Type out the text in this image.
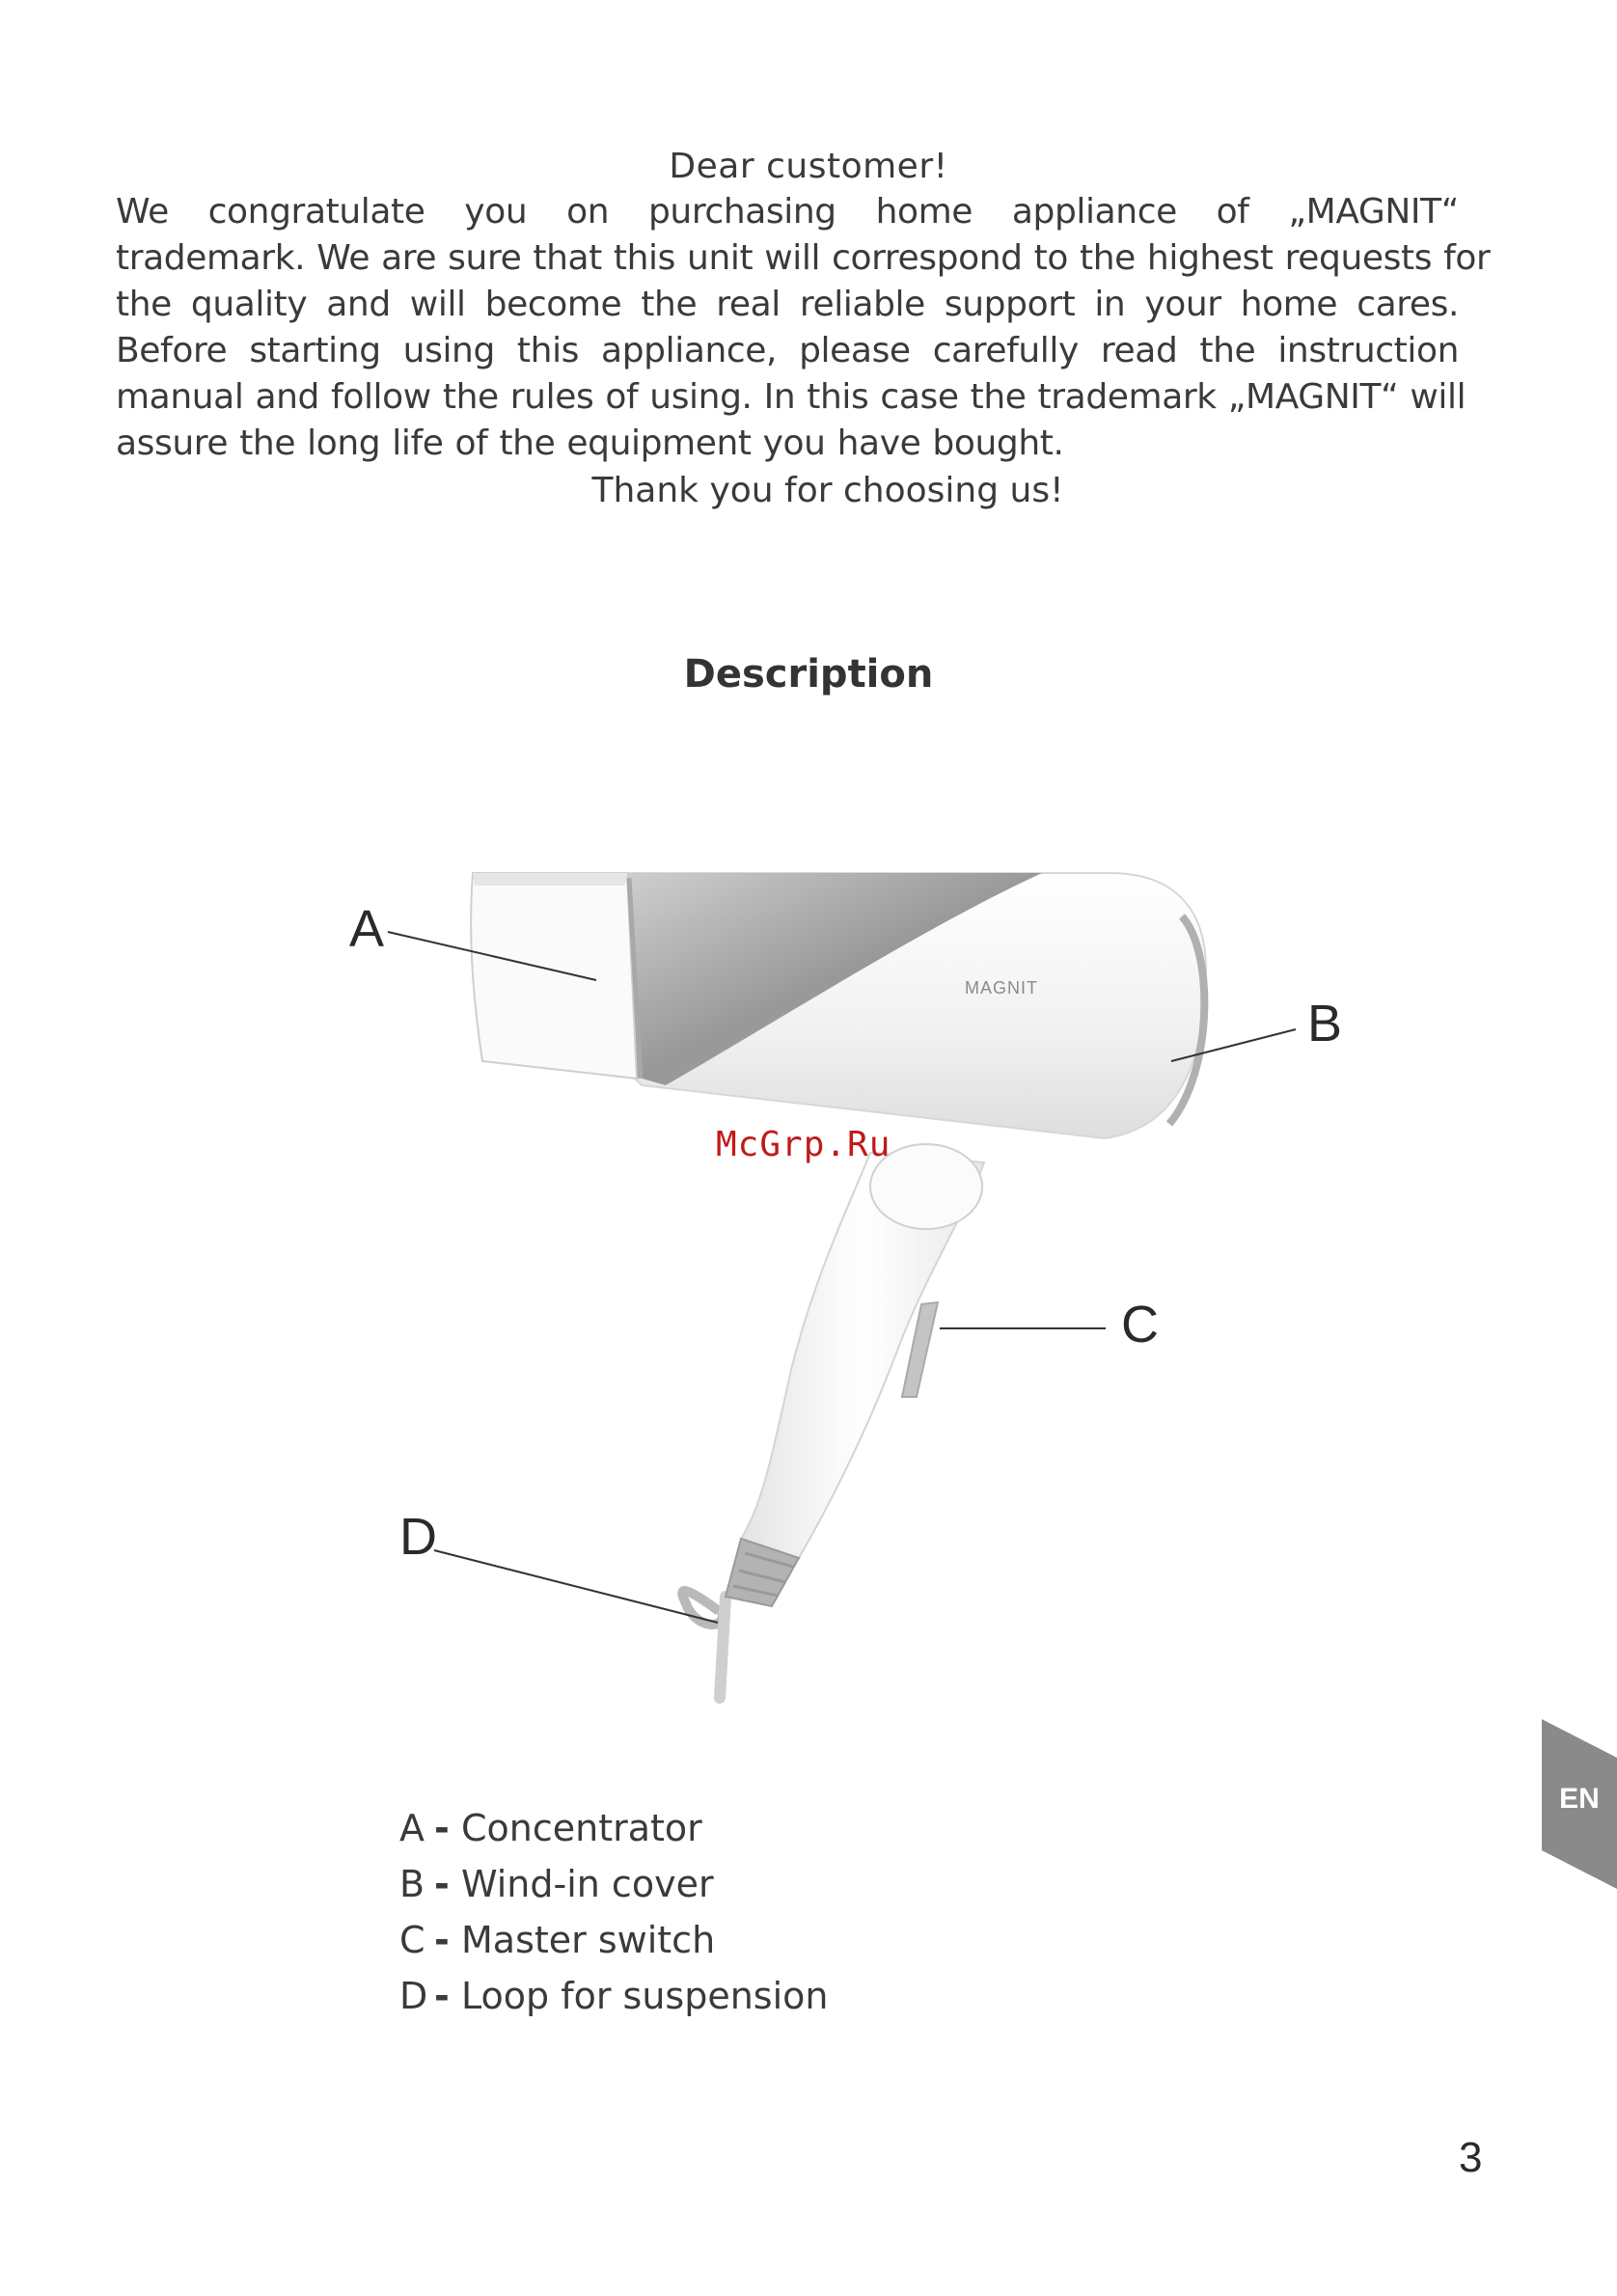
Dear customer!
We congratulate you on purchasing home appliance of „MAGNIT“
trademark. We are sure that this unit will correspond to the highest requests for
the quality and will become the real reliable support in your home cares.
Before starting using this appliance, please carefully read the instruction
manual and follow the rules of using. In this case the trademark „MAGNIT“ will
assure the long life of the equipment you have bought.
Thank you for choosing us!
Description
MAGNIT
A
B
C
D
McGrp.Ru
A - Concentrator
B - Wind-in cover
C - Master switch
D - Loop for suspension
EN
3
